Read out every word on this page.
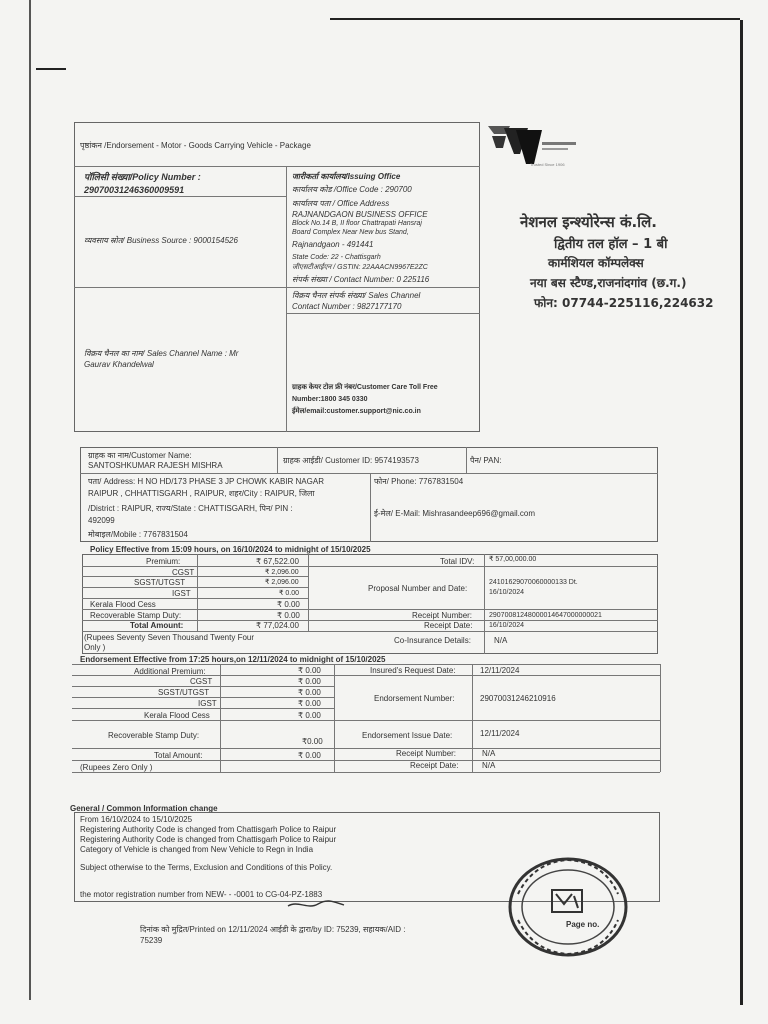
पृष्ठांकन /Endorsement - Motor - Goods Carrying Vehicle - Package
पॉलिसी संख्या/Policy Number :
29070031246360009591
जारीकर्ता कार्यालय/Issuing Office
कार्यालय कोड /Office Code : 290700
कार्यालय पता / Office Address
RAJNANDGAON BUSINESS OFFICE
Block No.14 B, II floor Chattrapati Hansraj
Board Complex Near New bus Stand,
Rajnandgaon - 491441
State Code: 22 - Chattisgarh
जीएसटीआईएन / GSTIN: 22AAACN9967E2ZC
संपर्क संख्या / Contact Number: 0 225116
व्यवसाय स्रोत/ Business Source : 9000154526
विक्रय चैनल संपर्क संख्या/ Sales Channel
Contact Number : 9827177170
विक्रय चैनल का नाम/ Sales Channel Name : Mr
Gaurav Khandelwal
ग्राहक केयर टोल फ्री नंबर/Customer Care Toll Free
Number:1800 345 0330
ईमेल/email:customer.support@nic.co.in
Trusted Since 1906
नेशनल इन्श्योरेन्स कं.लि.
द्वितीय तल हॉल – 1 बी
कार्मशियल कॉम्पलेक्स
नया बस स्टैण्ड,राजनांदगांव (छ.ग.)
फोन: 07744-225116,224632
ग्राहक का नाम/Customer Name:
SANTOSHKUMAR RAJESH MISHRA
ग्राहक आईडी/ Customer ID: 9574193573	पैन/ PAN:
पता/ Address: H NO HD/173 PHASE 3 JP CHOWK KABIR NAGAR
RAIPUR , CHHATTISGARH , RAIPUR, शहर/City : RAIPUR, जिला
/District : RAIPUR, राज्य/State : CHATTISGARH, पिन/ PIN :
492099
मोबाइल/Mobile : 7767831504
फोन/ Phone: 7767831504
ई-मेल/ E-Mail: Mishrasandeep696@gmail.com
Policy Effective from 15:09 hours, on 16/10/2024 to midnight of 15/10/2025
Premium:	₹ 67,522.00
CGST	₹ 2,096.00
SGST/UTGST	₹ 2,096.00
IGST	₹ 0.00
Kerala Flood Cess	₹ 0.00
Recoverable Stamp Duty:	₹ 0.00
Total Amount:	₹ 77,024.00
(Rupees Seventy Seven Thousand Twenty Four
Only )
Total IDV: ₹ 57,00,000.00
Proposal Number and Date:
24101629070060000133 Dt.
16/10/2024
Receipt Number: 29070081248000014647000000021
Receipt Date: 16/10/2024
Co-Insurance Details:	N/A
Endorsement Effective from 17:25 hours,on 12/11/2024 to midnight of 15/10/2025
Additional Premium:	₹ 0.00
CGST	₹ 0.00
SGST/UTGST	₹ 0.00
IGST	₹ 0.00
Kerala Flood Cess	₹ 0.00
Recoverable Stamp Duty:
₹0.00
Total Amount:	₹ 0.00
(Rupees Zero Only )
Insured's Request Date:	12/11/2024
Endorsement Number:	29070031246210916
Endorsement Issue Date:	12/11/2024
Receipt Number:	N/A
Receipt Date:	N/A
General / Common Information change
From 16/10/2024 to 15/10/2025
Registering Authority Code is changed from Chattisgarh Police to Raipur
Registering Authority Code is changed from Chattisgarh Police to Raipur
Category of Vehicle is changed from New Vehicle to Regn in India
Subject otherwise to the Terms, Exclusion and Conditions of this Policy.
the motor registration number from NEW- - -0001 to CG-04-PZ-1883
दिनांक को मुद्रित/Printed on 12/11/2024 आईडी के द्वारा/by ID: 75239, सहायक/AID :
75239
Page no.
